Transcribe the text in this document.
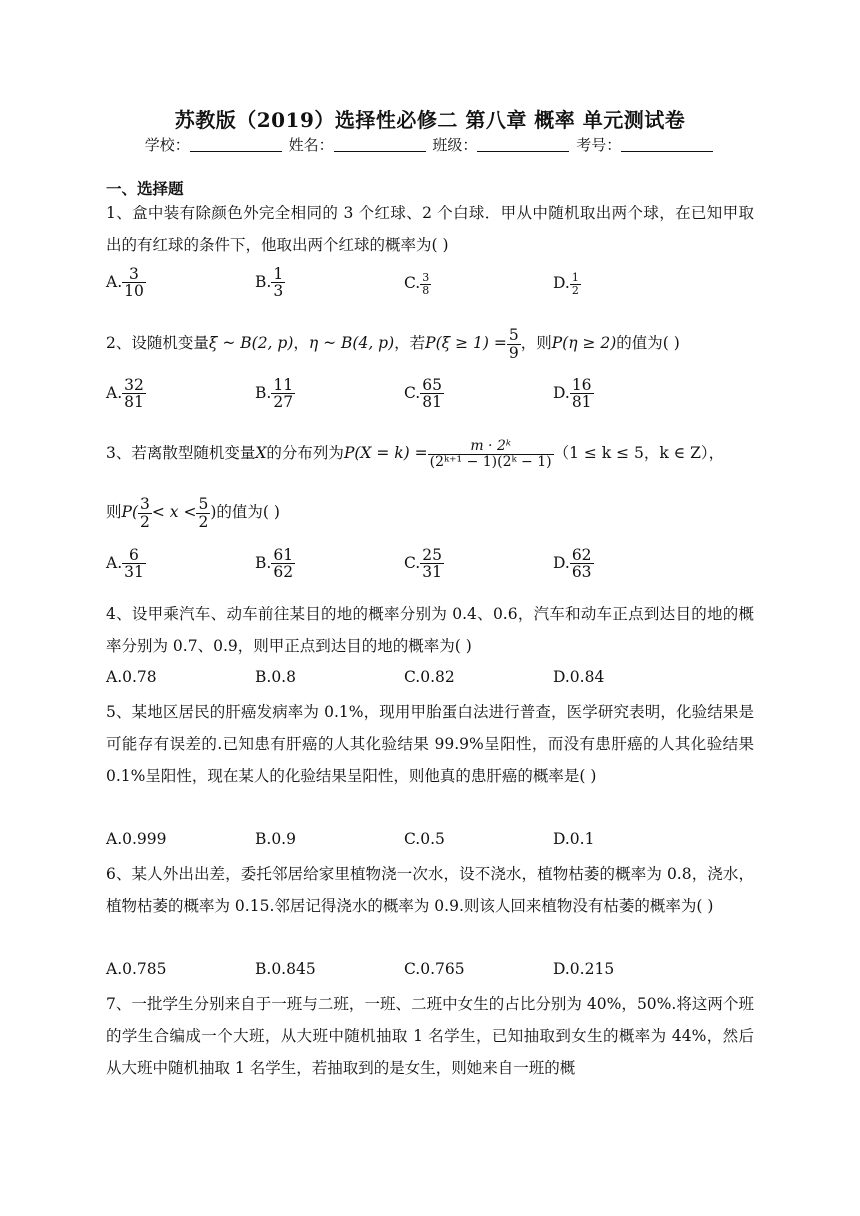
苏教版（2019）选择性必修二 第八章 概率 单元测试卷
学校：	姓名：	班级：	考号：
一、选择题
1、盒中装有除颜色外完全相同的 3 个红球、2 个白球．甲从中随机取出两个球，在已知甲取出的有红球的条件下，他取出两个红球的概率为( )
A. $\frac{3}{10}$	B. $\frac{1}{3}$	C. $\frac{3}{8}$	D. $\frac{1}{2}$
2、设随机变量ξ ~ B(2, p)，η ~ B(4, p)，若$P(\xi \ge 1) = \frac{5}{9}$ ，则P(η ≥ 2)的值为( )
A. $\frac{32}{81}$	B. $\frac{11}{27}$	C. $\frac{65}{81}$	D. $\frac{16}{81}$
3、若离散型随机变量X的分布列为$P(X = k) = \frac{\text{m · 2ᵏ}}{\text{(2ᵏ⁺¹ − 1)(2ᵏ − 1)}} (1 \le k \le 5$，k ∈ Z），
则$P( \frac{3}{2} < x < \frac{5}{2}$ )的值为( )
A. $\frac{6}{31}$	B. $\frac{61}{62}$	C. $\frac{25}{31}$	D. $\frac{62}{63}$
4、设甲乘汽车、动车前往某目的地的概率分别为 0.4、0.6，汽车和动车正点到达目的地的概率分别为 0.7、0.9，则甲正点到达目的地的概率为( )
A.0.78	B.0.8	C.0.82	D.0.84
5、某地区居民的肝癌发病率为 0.1%，现用甲胎蛋白法进行普查，医学研究表明，化验结果是可能存有误差的.已知患有肝癌的人其化验结果 99.9%呈阳性，而没有患肝癌的人其化验结果 0.1%呈阳性，现在某人的化验结果呈阳性，则他真的患肝癌的概率是( )
A.0.999	B.0.9	C.0.5	D.0.1
6、某人外出出差，委托邻居给家里植物浇一次水，设不浇水，植物枯萎的概率为 0.8，浇水，植物枯萎的概率为 0.15.邻居记得浇水的概率为 0.9.则该人回来植物没有枯萎的概率为( )
A.0.785	B.0.845	C.0.765	D.0.215
7、一批学生分别来自于一班与二班，一班、二班中女生的占比分别为 40%，50%.将这两个班的学生合编成一个大班，从大班中随机抽取 1 名学生，已知抽取到女生的概率为 44%，然后从大班中随机抽取 1 名学生，若抽取到的是女生，则她来自一班的概
